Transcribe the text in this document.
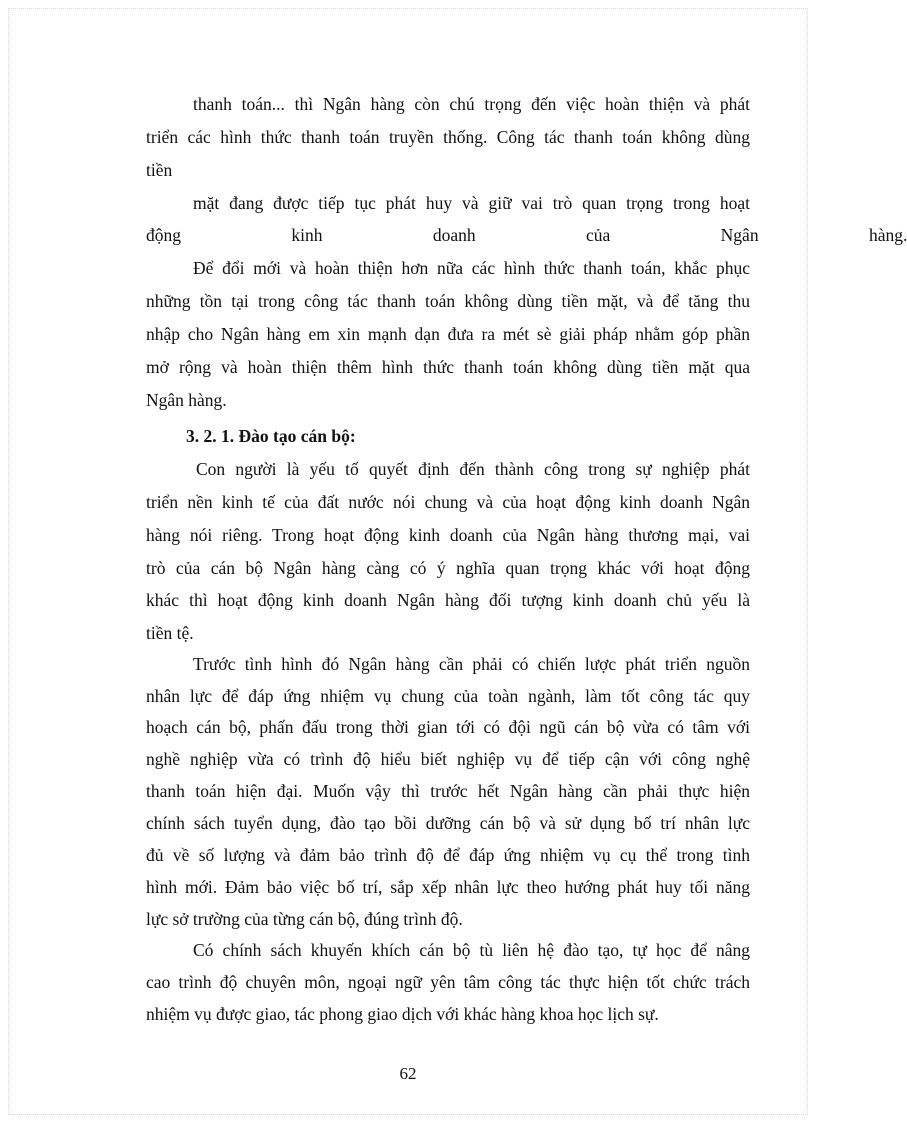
thanh toán... thì Ngân hàng còn chú trọng đến việc hoàn thiện và phát
triển các hình thức thanh toán truyền thống. Công tác thanh toán không dùng
tiền
mặt đang được tiếp tục phát huy và giữ vai trò quan trọng trong hoạt
động kinh doanh của Ngân hàng.
Để đổi mới và hoàn thiện hơn nữa các hình thức thanh toán, khắc phục
những tồn tại trong công tác thanh toán không dùng tiền mặt, và để tăng thu
nhập cho Ngân hàng em xin mạnh dạn đưa ra mét sè giải pháp nhằm góp phần
mở rộng và hoàn thiện thêm hình thức thanh toán không dùng tiền mặt qua
Ngân hàng.
3. 2. 1. Đào tạo cán bộ:
Con người là yếu tố quyết định đến thành công trong sự nghiệp phát
triển nền kinh tế của đất nước nói chung và của hoạt động kinh doanh Ngân
hàng nói riêng. Trong hoạt động kinh doanh của Ngân hàng thương mại, vai
trò của cán bộ Ngân hàng càng có ý nghĩa quan trọng khác với hoạt động
khác thì hoạt động kinh doanh Ngân hàng đối tượng kinh doanh chủ yếu là
tiền tệ.
Trước tình hình đó Ngân hàng cần phải có chiến lược phát triển nguồn
nhân lực để đáp ứng nhiệm vụ chung của toàn ngành, làm tốt công tác quy
hoạch cán bộ, phấn đấu trong thời gian tới có đội ngũ cán bộ vừa có tâm với
nghề nghiệp vừa có trình độ hiểu biết nghiệp vụ để tiếp cận với công nghệ
thanh toán hiện đại. Muốn vậy thì trước hết Ngân hàng cần phải thực hiện
chính sách tuyển dụng, đào tạo bồi dưỡng cán bộ và sử dụng bố trí nhân lực
đủ về số lượng và đảm bảo trình độ để đáp ứng nhiệm vụ cụ thể trong tình
hình mới. Đảm bảo việc bố trí, sắp xếp nhân lực theo hướng phát huy tối năng
lực sở trường của từng cán bộ, đúng trình độ.
Có chính sách khuyến khích cán bộ tù liên hệ đào tạo, tự học để nâng
cao trình độ chuyên môn, ngoại ngữ yên tâm công tác thực hiện tốt chức trách
nhiệm vụ được giao, tác phong giao dịch với khác hàng khoa học lịch sự.
62
